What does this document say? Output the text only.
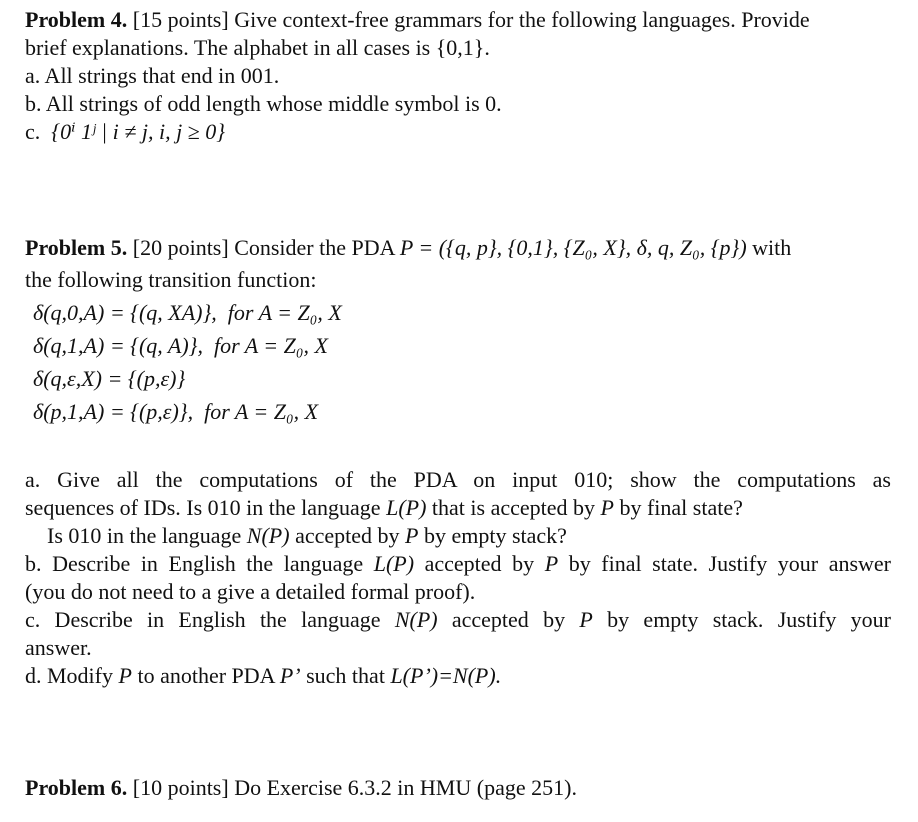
Problem 4. [15 points] Give context-free grammars for the following languages. Provide
brief explanations. The alphabet in all cases is {0,1}.
a. All strings that end in 001.
b. All strings of odd length whose middle symbol is 0.
c. {0ⁱ 1ʲ | i ≠ j, i, j ≥ 0}
Problem 5. [20 points] Consider the PDA P = ({q, p}, {0,1}, {Z₀, X}, δ, q, Z₀, {p}) with
the following transition function:
δ(q,0,A) = {(q, XA)}, for A = Z₀, X
δ(q,1,A) = {(q, A)}, for A = Z₀, X
δ(q,ε,X) = {(p,ε)}
δ(p,1,A) = {(p,ε)}, for A = Z₀, X
a. Give all the computations of the PDA on input 010; show the computations as
sequences of IDs. Is 010 in the language L(P) that is accepted by P by final state?
Is 010 in the language N(P) accepted by P by empty stack?
b. Describe in English the language L(P) accepted by P by final state. Justify your answer
(you do not need to a give a detailed formal proof).
c. Describe in English the language N(P) accepted by P by empty stack. Justify your
answer.
d. Modify P to another PDA P’ such that L(P’)=N(P).
Problem 6. [10 points] Do Exercise 6.3.2 in HMU (page 251).
